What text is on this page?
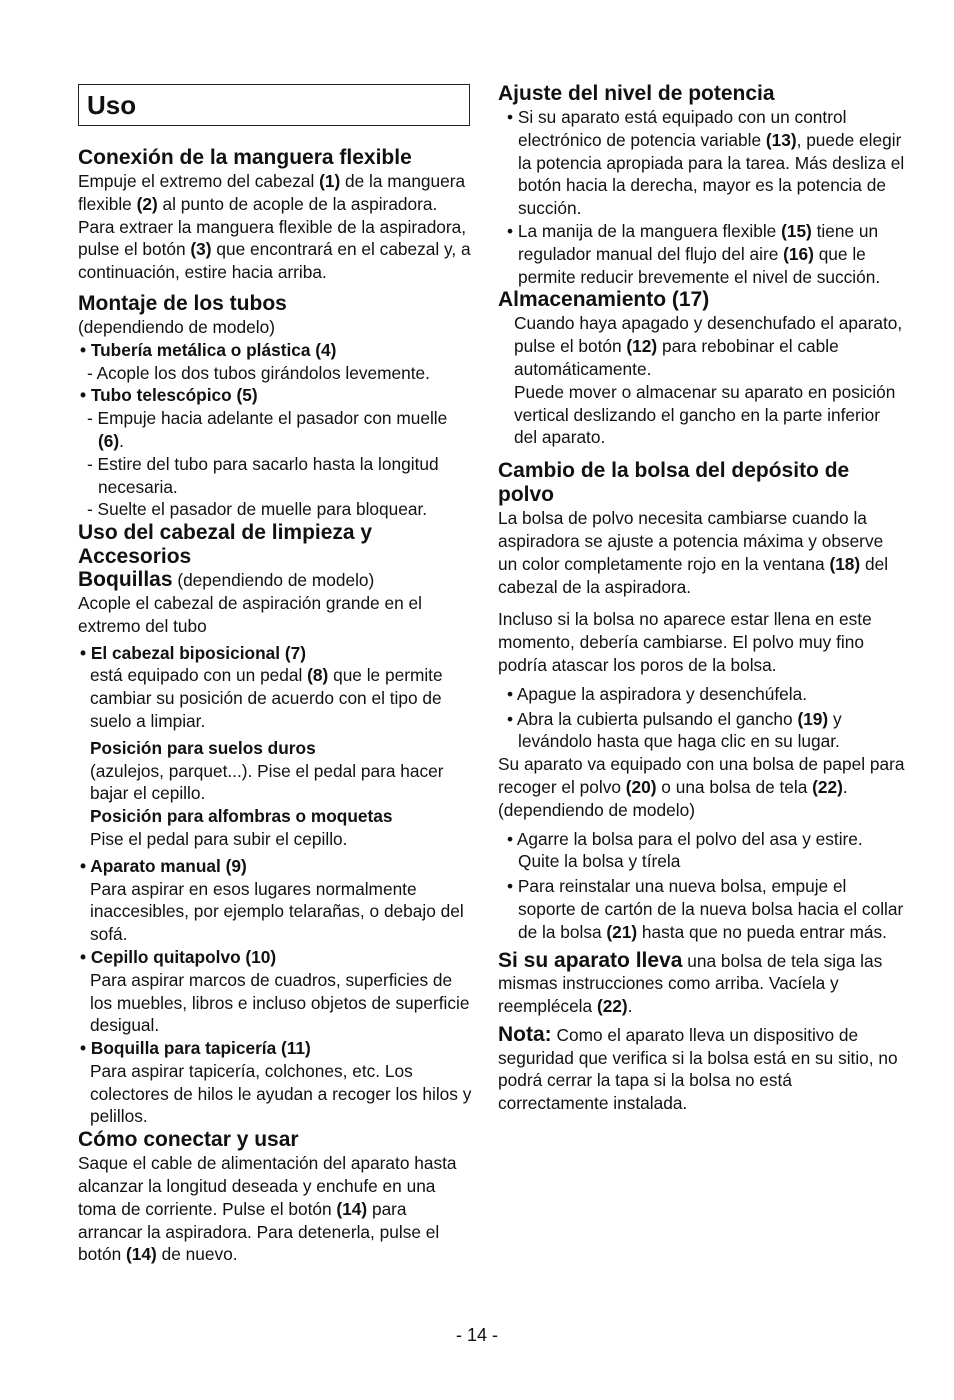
Uso
Conexión de la manguera flexible

Empuje el extremo del cabezal (1) de la manguera flexible (2) al punto de acople de la aspiradora.

Para extraer la manguera flexible de la aspiradora, pulse el botón (3) que encontrará en el cabezal y, a continuación, estire hacia arriba.

Montaje de los tubos

(dependiendo de modelo)

• Tubería metálica o plástica (4)

- Acople los dos tubos girándolos levemente.

• Tubo telescópico (5)

- Empuje hacia adelante el pasador con muelle (6).

- Estire del tubo para sacarlo hasta la longitud necesaria.

- Suelte el pasador de muelle para bloquear.

Uso del cabezal de limpieza y Accesorios

Boquillas (dependiendo de modelo)

Acople el cabezal de aspiración grande en el extremo del tubo

• El cabezal biposicional (7)

está equipado con un pedal (8) que le permite cambiar su posición de acuerdo con el tipo de suelo a limpiar.

Posición para suelos duros

(azulejos, parquet...). Pise el pedal para hacer bajar el cepillo.

Posición para alfombras o moquetas

Pise el pedal para subir el cepillo.

• Aparato manual (9)

Para aspirar en esos lugares normalmente inaccesibles, por ejemplo telarañas, o debajo del sofá.

• Cepillo quitapolvo (10)

Para aspirar marcos de cuadros, superficies de los muebles, libros e incluso objetos de superficie desigual.

• Boquilla para tapicería (11)

Para aspirar tapicería, colchones, etc. Los colectores de hilos le ayudan a recoger los hilos y pelillos.

Cómo conectar y usar

Saque el cable de alimentación del aparato hasta alcanzar la longitud deseada y enchufe en una toma de corriente. Pulse el botón (14) para arrancar la aspiradora. Para detenerla, pulse el botón (14) de nuevo.

Ajuste del nivel de potencia

• Si su aparato está equipado con un control electrónico de potencia variable (13), puede elegir la potencia apropiada para la tarea. Más desliza el botón hacia la derecha, mayor es la potencia de succión.

• La manija de la manguera flexible (15) tiene un regulador manual del flujo del aire (16) que le permite reducir brevemente el nivel de succión.

Almacenamiento (17)

Cuando haya apagado y desenchufado el aparato, pulse el botón (12) para rebobinar el cable automáticamente.

Puede mover o almacenar su aparato en posición vertical deslizando el gancho en la parte inferior del aparato.

Cambio de la bolsa del depósito de polvo

La bolsa de polvo necesita cambiarse cuando la aspiradora se ajuste a potencia máxima y observe un color completamente rojo en la ventana (18) del cabezal de la aspiradora.

Incluso si la bolsa no aparece estar llena en este momento, debería cambiarse. El polvo muy fino podría atascar los poros de la bolsa.

• Apague la aspiradora y desenchúfela.

• Abra la cubierta pulsando el gancho (19) y levándolo hasta que haga clic en su lugar.

Su aparato va equipado con una bolsa de papel para recoger el polvo (20) o una bolsa de tela (22). (dependiendo de modelo)

• Agarre la bolsa para el polvo del asa y estire. Quite la bolsa y tírela

• Para reinstalar una nueva bolsa, empuje el soporte de cartón de la nueva bolsa hacia el collar de la bolsa (21) hasta que no pueda entrar más.

Si su aparato lleva una bolsa de tela siga las mismas instrucciones como arriba. Vacíela y reemplécela (22).

Nota: Como el aparato lleva un dispositivo de seguridad que verifica si la bolsa está en su sitio, no podrá cerrar la tapa si la bolsa no está correctamente instalada.

- 14 -
